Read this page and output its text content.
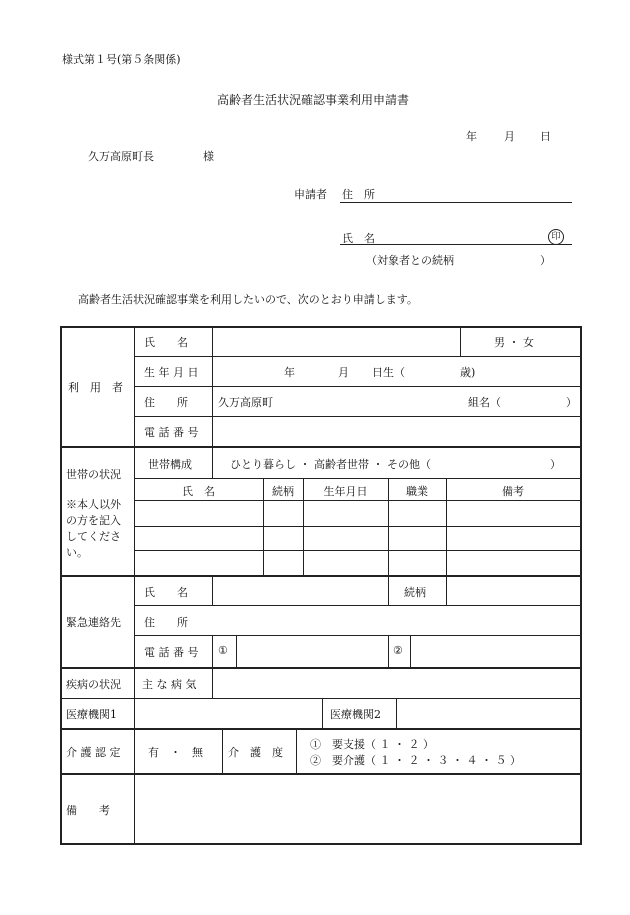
様式第１号(第５条関係)
高齢者生活状況確認事業利用申請書
年 月 日
久万高原町長	様
申請者 住　所
氏　名	印
（対象者との続柄	）
高齢者生活状況確認事業を利用したいので、次のとおり申請します。
利　用　者
氏　　名	男 ・ 女
生 年 月 日	年	月 日生（	歳)
住　　所	久万高原町	組名（	）
電 話 番 号
世帯の状況
※本人以外
の方を記入
してくださ
い。
世帯構成	ひとり暮らし ・ 高齢者世帯 ・ その他（	）
氏　名	続柄	生年月日	職業	備考
緊急連絡先
氏　　名	続柄
住　　所
電 話 番 号 ①	②
疾病の状況 主 な 病 気
医療機関1	医療機関2
介 護 認 定	有　・　無 介　護　度
①　要支援（ １ ・ ２ ）
②　要介護（ １ ・ ２ ・ ３ ・ ４ ・ ５ ）
備　　考
